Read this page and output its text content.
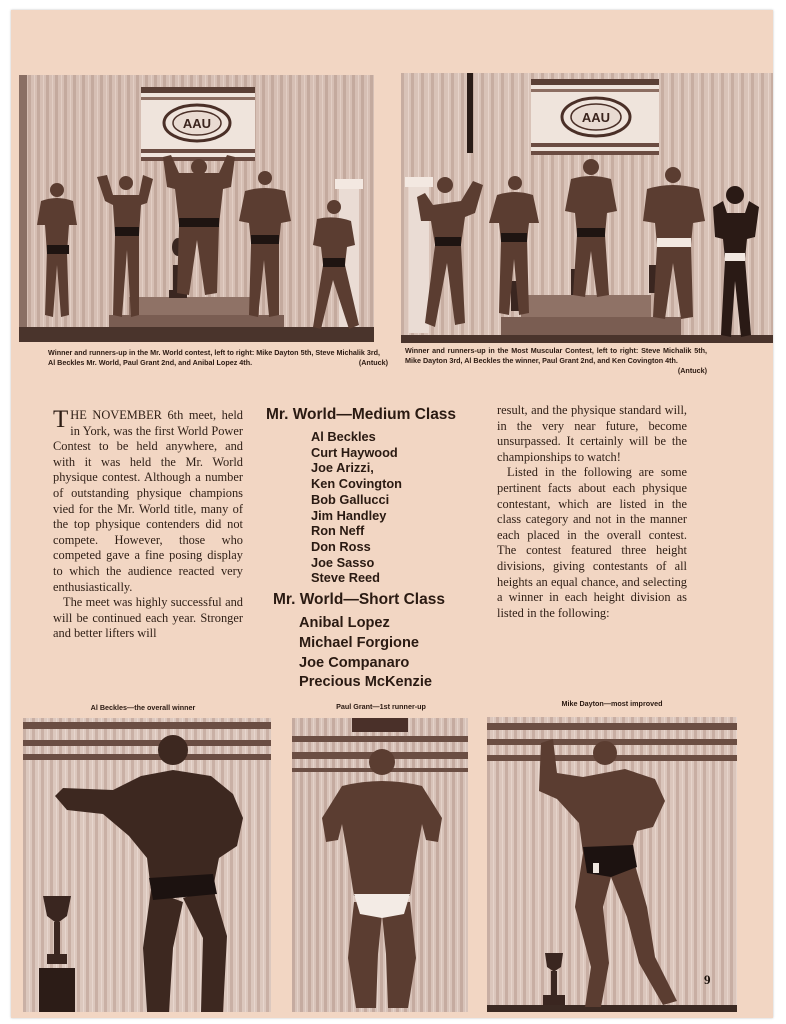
AAU
Winner and runners-up in the Mr. World contest, left to right: Mike Dayton 5th, Steve Michalik 3rd, Al Beckles Mr. World, Paul Grant 2nd, and Anibal Lopez 4th.	(Antuck)
AAU
Winner and runners-up in the Most Muscular Contest, left to right: Steve Michalik 5th, Mike Dayton 3rd, Al Beckles the winner, Paul Grant 2nd, and Ken Covington 4th.
(Antuck)

THE NOVEMBER 6th meet, held in York, was the first World Power Contest to be held anywhere, and with it was held the Mr. World physique contest. Although a number of outstanding physique champions vied for the Mr. World title, many of the top physique contenders did not compete. However, those who competed gave a fine posing display to which the audience reacted very enthusiastically.

The meet was highly successful and will be continued each year. Stronger and better lifters will

Mr. World—Medium Class
Al Beckles
Curt Haywood
Joe Arizzi,
Ken Covington
Bob Gallucci
Jim Handley
Ron Neff
Don Ross
Joe Sasso
Steve Reed
Mr. World—Short Class
Anibal Lopez
Michael Forgione
Joe Companaro
Precious McKenzie

result, and the physique standard will, in the very near future, become unsurpassed. It certainly will be the championships to watch!

Listed in the following are some pertinent facts about each physique contestant, which are listed in the class category and not in the manner each placed in the overall contest. The contest featured three height divisions, giving contestants of all heights an equal chance, and selecting a winner in each height division as listed in the following:

Al Beckles—the overall winner	Paul Grant—1st runner-up	Mike Dayton—most improved
9
